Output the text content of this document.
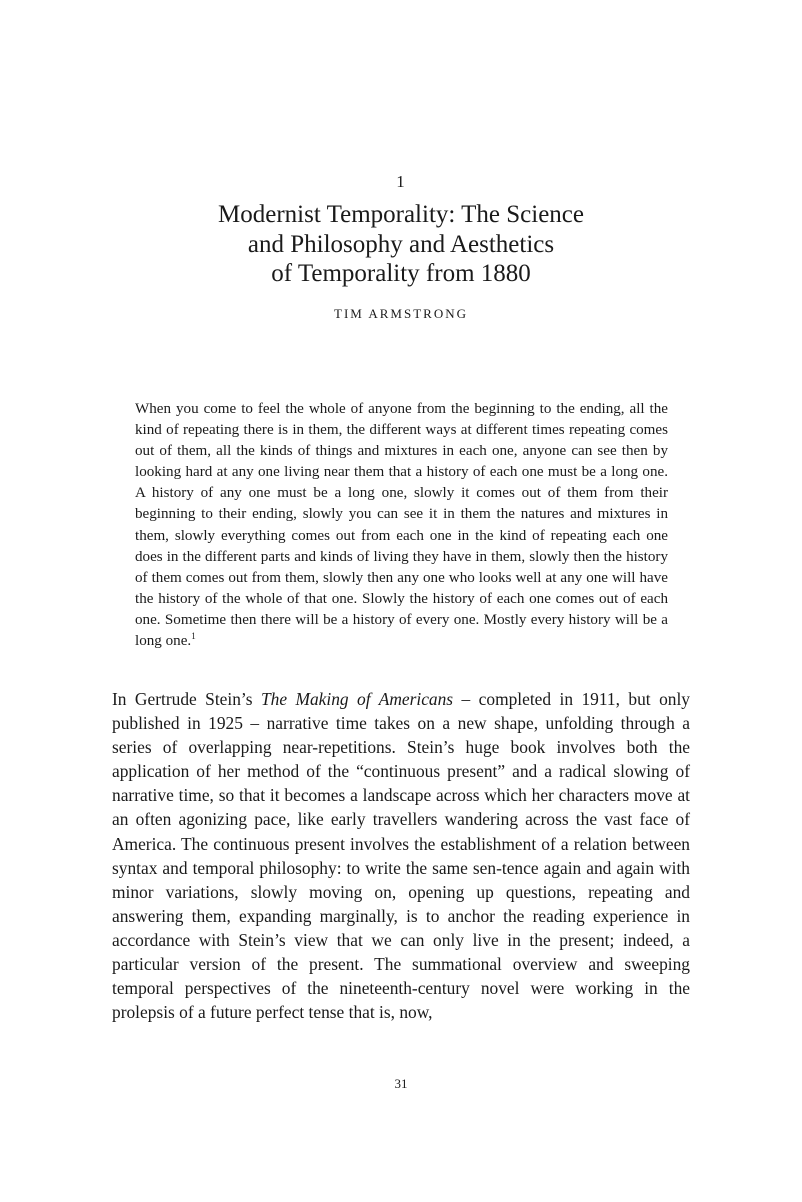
1
Modernist Temporality: The Science
and Philosophy and Aesthetics
of Temporality from 1880
TIM ARMSTRONG

When you come to feel the whole of anyone from the beginning to the ending, all the kind of repeating there is in them, the different ways at different times repeating comes out of them, all the kinds of things and mixtures in each one, anyone can see then by looking hard at any one living near them that a history of each one must be a long one. A history of any one must be a long one, slowly it comes out of them from their beginning to their ending, slowly you can see it in them the natures and mixtures in them, slowly everything comes out from each one in the kind of repeating each one does in the different parts and kinds of living they have in them, slowly then the history of them comes out from them, slowly then any one who looks well at any one will have the history of the whole of that one. Slowly the history of each one comes out of each one. Sometime then there will be a history of every one. Mostly every history will be a long one.$^1$

In Gertrude Stein’s The Making of Americans – completed in 1911, but only published in 1925 – narrative time takes on a new shape, unfolding through a series of overlapping near-repetitions. Stein’s huge book involves both the application of her method of the “continuous present” and a radical slowing of narrative time, so that it becomes a landscape across which her characters move at an often agonizing pace, like early travellers wandering across the vast face of America. The continuous present involves the establishment of a relation between syntax and temporal philosophy: to write the same sen-tence again and again with minor variations, slowly moving on, opening up questions, repeating and answering them, expanding marginally, is to anchor the reading experience in accordance with Stein’s view that we can only live in the present; indeed, a particular version of the present. The summational overview and sweeping temporal perspectives of the nineteenth-century novel were working in the prolepsis of a future perfect tense that is, now,

31
